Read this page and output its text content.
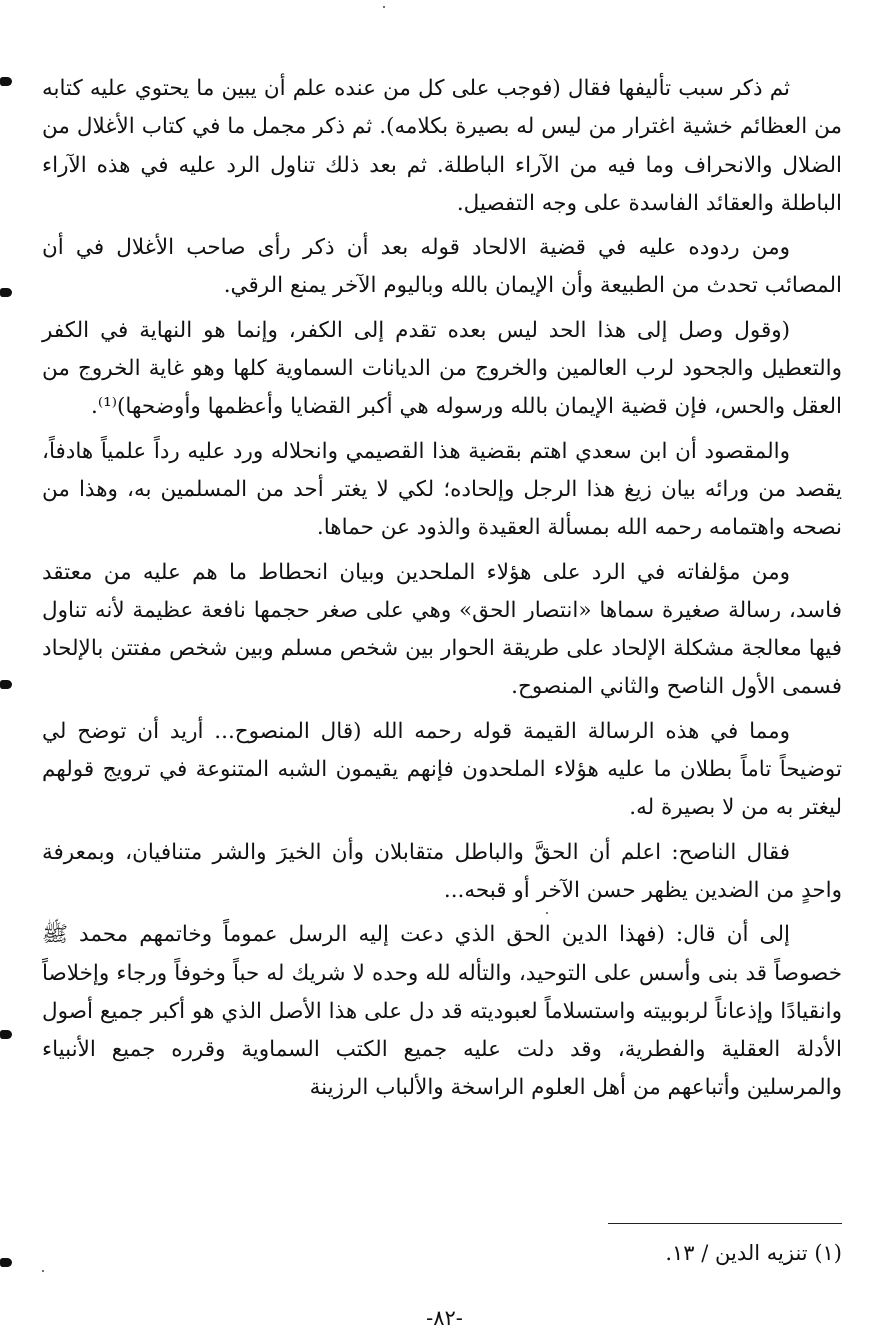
ثم ذكر سبب تأليفها فقال (فوجب على كل من عنده علم أن يبين ما يحتوي عليه كتابه من العظائم خشية اغترار من ليس له بصيرة بكلامه). ثم ذكر مجمل ما في كتاب الأغلال من الضلال والانحراف وما فيه من الآراء الباطلة. ثم بعد ذلك تناول الرد عليه في هذه الآراء الباطلة والعقائد الفاسدة على وجه التفصيل.

ومن ردوده عليه في قضية الالحاد قوله بعد أن ذكر رأى صاحب الأغلال في أن المصائب تحدث من الطبيعة وأن الإيمان بالله وباليوم الآخر يمنع الرقي.

(وقول وصل إلى هذا الحد ليس بعده تقدم إلى الكفر، وإنما هو النهاية في الكفر والتعطيل والجحود لرب العالمين والخروج من الديانات السماوية كلها وهو غاية الخروج من العقل والحس، فإن قضية الإيمان بالله ورسوله هي أكبر القضايا وأعظمها وأوضحها)⁽¹⁾.

والمقصود أن ابن سعدي اهتم بقضية هذا القصيمي وانحلاله ورد عليه رداً علمياً هادفاً، يقصد من ورائه بيان زيغ هذا الرجل وإلحاده؛ لكي لا يغتر أحد من المسلمين به، وهذا من نصحه واهتمامه رحمه الله بمسألة العقيدة والذود عن حماها.

ومن مؤلفاته في الرد على هؤلاء الملحدين وبيان انحطاط ما هم عليه من معتقد فاسد، رسالة صغيرة سماها «انتصار الحق» وهي على صغر حجمها نافعة عظيمة لأنه تناول فيها معالجة مشكلة الإلحاد على طريقة الحوار بين شخص مسلم وبين شخص مفتتن بالإلحاد فسمى الأول الناصح والثاني المنصوح.

ومما في هذه الرسالة القيمة قوله رحمه الله (قال المنصوح... أريد أن توضح لي توضيحاً تاماً بطلان ما عليه هؤلاء الملحدون فإنهم يقيمون الشبه المتنوعة في ترويج قولهم ليغتر به من لا بصيرة له.

فقال الناصح: اعلم أن الحقَّ والباطل متقابلان وأن الخيرَ والشر متنافيان، وبمعرفة واحدٍ من الضدين يظهر حسن الآخر أو قبحه...

إلى أن قال: (فهذا الدين الحق الذي دعت إليه الرسل عموماً وخاتمهم محمد ﷺ خصوصاً قد بنى وأسس على التوحيد، والتأله لله وحده لا شريك له حباً وخوفاً ورجاء وإخلاصاً وانقيادًا وإذعاناً لربوبيته واستسلاماً لعبوديته قد دل على هذا الأصل الذي هو أكبر جميع أصول الأدلة العقلية والفطرية، وقد دلت عليه جميع الكتب السماوية وقرره جميع الأنبياء والمرسلين وأتباعهم من أهل العلوم الراسخة والألباب الرزينة

(١) تنزيه الدين / ١٣.
-٨٢-
